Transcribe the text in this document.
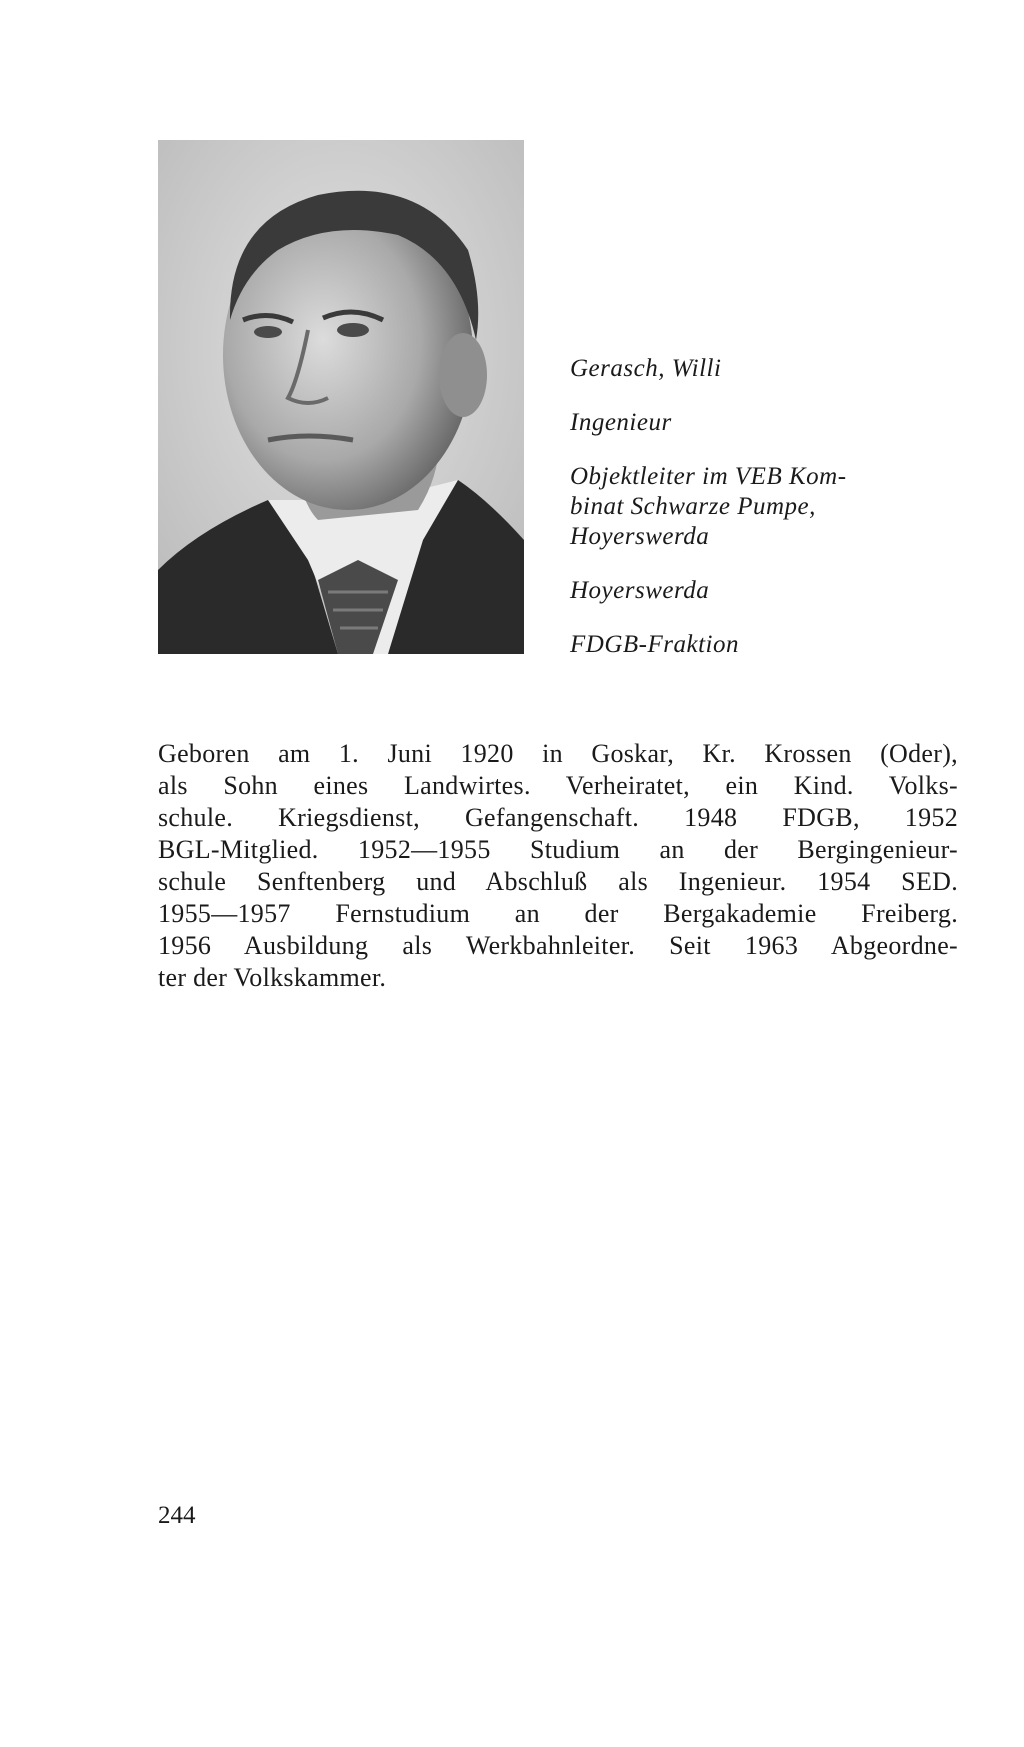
Gerasch, Willi
Ingenieur
Objektleiter im VEB Kom-
binat Schwarze Pumpe,
Hoyerswerda
Hoyerswerda
FDGB-Fraktion
Geboren am 1. Juni 1920 in Goskar, Kr. Krossen (Oder),
als Sohn eines Landwirtes. Verheiratet, ein Kind. Volks-
schule. Kriegsdienst, Gefangenschaft. 1948 FDGB, 1952
BGL-Mitglied. 1952—1955 Studium an der Bergingenieur-
schule Senftenberg und Abschluß als Ingenieur. 1954 SED.
1955—1957 Fernstudium an der Bergakademie Freiberg.
1956 Ausbildung als Werkbahnleiter. Seit 1963 Abgeordne-
ter der Volkskammer.
244
